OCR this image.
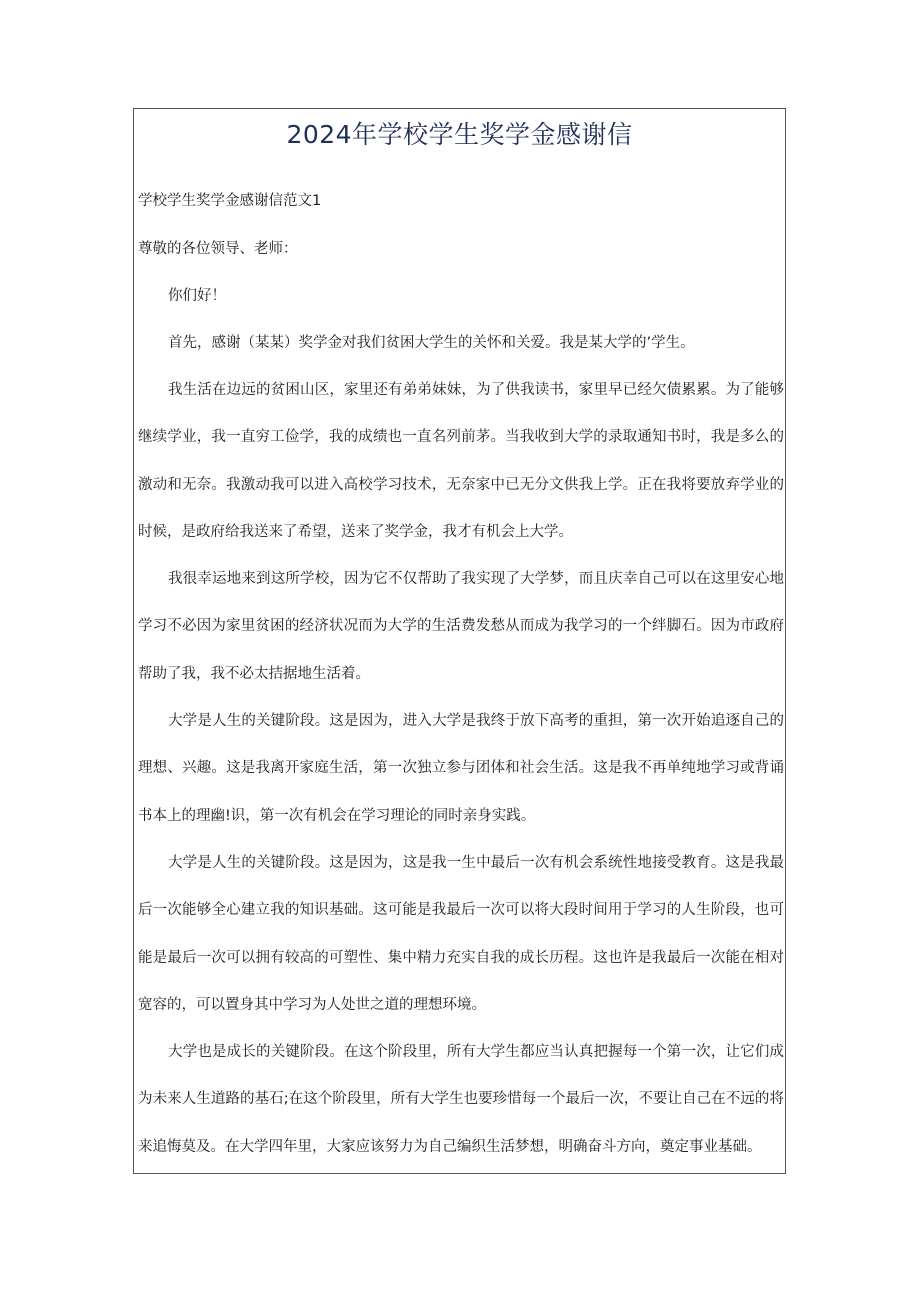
2024年学校学生奖学金感谢信
学校学生奖学金感谢信范文1
尊敬的各位领导、老师：

你们好！

首先，感谢（某某）奖学金对我们贫困大学生的关怀和关爱。我是某大学的’学生。

我生活在边远的贫困山区，家里还有弟弟妹妹，为了供我读书，家里早已经欠债累累。为了能够继续学业，我一直穷工俭学，我的成绩也一直名列前茅。当我收到大学的录取通知书时，我是多么的激动和无奈。我激动我可以进入高校学习技术，无奈家中已无分文供我上学。正在我将要放弃学业的时候，是政府给我送来了希望，送来了奖学金，我才有机会上大学。

我很幸运地来到这所学校，因为它不仅帮助了我实现了大学梦，而且庆幸自己可以在这里安心地学习不必因为家里贫困的经济状况而为大学的生活费发愁从而成为我学习的一个绊脚石。因为市政府帮助了我，我不必太拮据地生活着。

大学是人生的关键阶段。这是因为，进入大学是我终于放下高考的重担，第一次开始追逐自己的理想、兴趣。这是我离开家庭生活，第一次独立参与团体和社会生活。这是我不再单纯地学习或背诵书本上的理幽!识，第一次有机会在学习理论的同时亲身实践。

大学是人生的关键阶段。这是因为，这是我一生中最后一次有机会系统性地接受教育。这是我最后一次能够全心建立我的知识基础。这可能是我最后一次可以将大段时间用于学习的人生阶段，也可能是最后一次可以拥有较高的可塑性、集中精力充实自我的成长历程。这也许是我最后一次能在相对宽容的，可以置身其中学习为人处世之道的理想环境。

大学也是成长的关键阶段。在这个阶段里，所有大学生都应当认真把握每一个第一次，让它们成为未来人生道路的基石;在这个阶段里，所有大学生也要珍惜每一个最后一次，不要让自己在不远的将来追悔莫及。在大学四年里，大家应该努力为自己编织生活梦想，明确奋斗方向，奠定事业基础。
